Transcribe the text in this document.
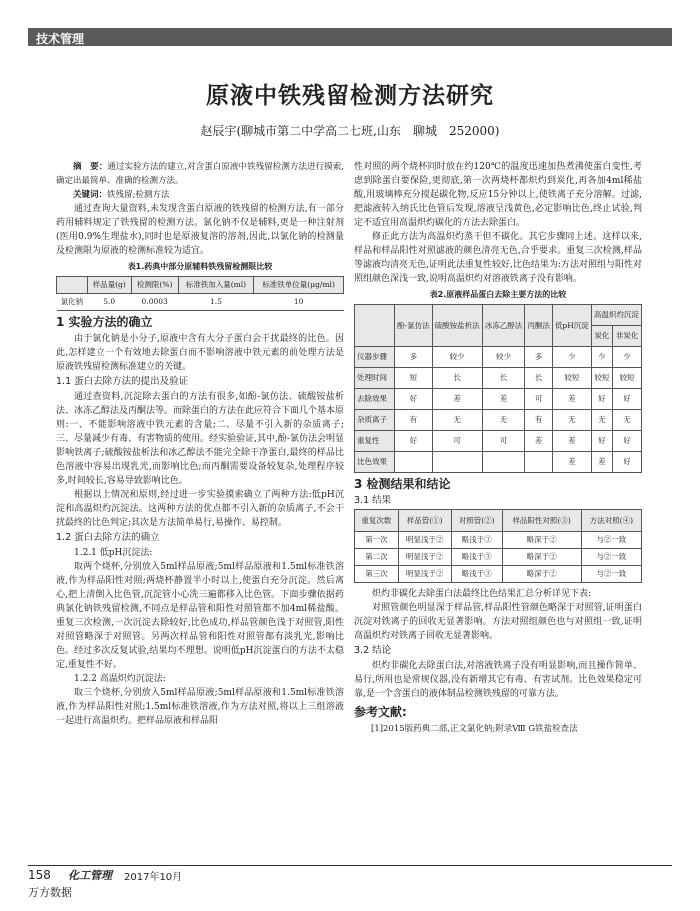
技术管理
原液中铁残留检测方法研究
赵辰宇(聊城市第二中学高二七班,山东　聊城　252000)
摘　要：通过实验方法的建立,对含蛋白原液中铁残留检测方法进行摸索,确定出最简单、准确的检测方法。
关键词：铁残留;检测方法

通过查询大量资料,未发现含蛋白原液的铁残留的检测方法,有一部分药用辅料规定了铁残留的检测方法。氯化钠不仅是辅料,更是一种注射剂(医用0.9%生理盐水),同时也是原液复溶的溶剂,因此,以氯化钠的检测量及检测限为原液的检测标准较为适宜。

表1.药典中部分原辅料铁残留检测限比较
	样品量(g)	检测限(%)	标准铁加入量(ml)	标准铁单位量(μg/ml)
氯化钠	5.0	0.0003	1.5	10
1 实验方法的确立

由于氯化钠是小分子,原液中含有大分子蛋白会干扰最终的比色。因此,怎样建立一个有效地去除蛋白而不影响溶液中铁元素的前处理方法是原液铁残留检测标准建立的关键。

1.1 蛋白去除方法的提出及验证

通过查资料,沉淀除去蛋白的方法有很多,如酚-氯仿法、硫酸铵盐析法、冰冻乙醇法及丙酮法等。而除蛋白的方法在此应符合下面几个基本原则:一、不能影响溶液中铁元素的含量;二、尽量不引入新的杂质离子;三、尽量减少有毒、有害物质的使用。经实验验证,其中,酚-氯仿法会明显影响铁离子;硫酸铵盐析法和冰乙醇法不能完全除干净蛋白,最终的样品比色溶液中容易出现乳光,而影响比色;而丙酮需要设备较复杂,处理程序较多,时间较长,容易导致影响比色。

根据以上情况和原则,经过进一步实验摸索确立了两种方法:低pH沉淀和高温炽灼沉淀法。这两种方法的优点都不引入新的杂质离子,不会干扰最终的比色判定;其次是方法简单易行,易操作、易控制。

1.2 蛋白去除方法的确立

1.2.1 低pH沉淀法:

取两个烧杯,分别放入5ml样品原液;5ml样品原液和1.5ml标准铁溶液,作为样品阳性对照;两烧杯静置半小时以上,使蛋白充分沉淀。然后离心,把上清倒入比色管,沉淀管小心洗三遍都移入比色管。下面步骤依据药典氯化钠铁残留检测,不同点是样品管和阳性对照管都不加4ml稀盐酸。重复三次检测,一次沉淀去除较好,比色成功,样品管颜色浅于对照管,阳性对照管略深于对照管。另两次样品管和阳性对照管都有淡乳光,影响比色。经过多次反复试验,结果均不理想。说明低pH沉淀蛋白的方法不太稳定,重复性不好。

1.2.2 高温炽灼沉淀法:

取三个烧杯,分别放入5ml样品原液;5ml样品原液和1.5ml标准铁溶液,作为样品阳性对照;1.5ml标准铁溶液,作为方法对照,将以上三组溶液一起进行高温炽灼。把样品原液和样品阳

性对照的两个烧杯同时放在约120℃的温度迅速加热煮沸使蛋白变性,考虑到除蛋白要保险,更彻底,第一次两烧杯都炽灼到炭化,再各加4ml稀盐酸,用玻璃棒充分搅起碳化物,反应15分钟以上,使铁离子充分溶解。过滤,把滤液转入纳氏比色管后发现,溶液呈浅黄色,必定影响比色,终止试验,判定不适宜用高温炽灼碳化的方法去除蛋白。

修正此方法为高温炽灼蒸干但不碳化。其它步骤同上述。这样以来,样品和样品阳性对照滤液的颜色清亮无色,合乎要求。重复三次检测,样品等滤液均清亮无色,证明此法重复性较好,比色结果为:方法对照组与阳性对照组颜色深浅一致,说明高温炽灼对溶液铁离子没有影响。

表2.原液样品蛋白去除主要方法的比较
	酚-氯仿法	硫酸铵盐析法	冰冻乙醇法	丙酮法	低pH沉淀	高温炽灼沉淀	
						炭化	非炭化
仪器步骤	多	较少	较少	多	少	少	少
处理时间	短	长	长	长	较短	较短	较短
去除效果	好	差	差	可	差	好	好
杂质离子	有	无	无	有	无	无	无
重复性	好	可	可	差	差	好	好
比色效果					差	差	好
3 检测结果和结论
3.1 结果
重复次数	样品管(①)	对照管(②)	样品阳性对照(③)	方法对照(④)
第一次	明显浅于②	略浅于③	略深于②	与②一致
第二次	明显浅于②	略浅于③	略深于②	与②一致
第三次	明显浅于②	略浅于③	略深于②	与②一致

炽灼非碳化去除蛋白法最终比色结果汇总分析详见下表:

对照管颜色明显深于样品管,样品阳性管颜色略深于对照管,证明蛋白沉淀对铁离子的回收无显著影响。方法对照组颜色也与对照组一致,证明高温炽灼对铁离子回收无显著影响。

3.2 结论

炽灼非碳化去除蛋白法,对溶液铁离子没有明显影响,而且操作简单、易行,所用也是常规仪器,没有新增其它有毒、有害试剂。比色效果稳定可靠,是一个含蛋白的液体制品检测铁残留的可靠方法。

参考文献:
[1]2015版药典二部,正文氯化钠;附录Ⅷ G铁盐检查法
158 化工管理 2017年10月
万方数据
